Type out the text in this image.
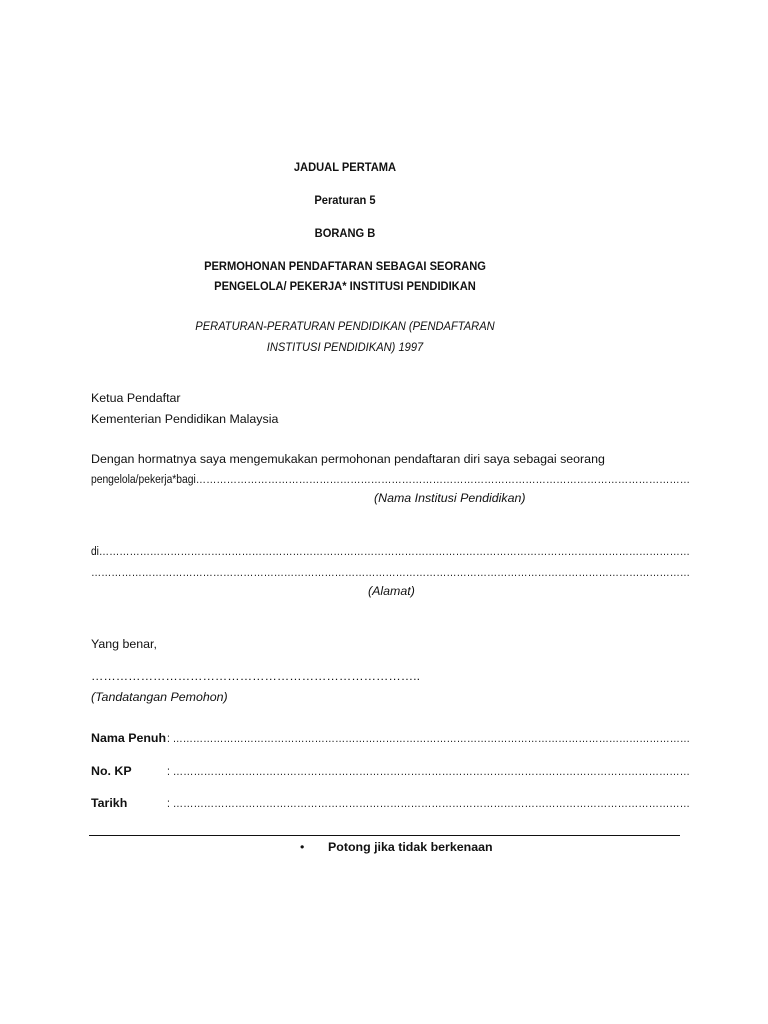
JADUAL PERTAMA
Peraturan 5
BORANG B
PERMOHONAN PENDAFTARAN SEBAGAI SEORANG
PENGELOLA/ PEKERJA* INSTITUSI PENDIDIKAN
PERATURAN-PERATURAN PENDIDIKAN (PENDAFTARAN
INSTITUSI PENDIDIKAN) 1997
Ketua Pendaftar
Kementerian Pendidikan Malaysia
Dengan hormatnya saya mengemukakan permohonan pendaftaran diri saya sebagai seorang
pengelola/pekerja*bagi………………………………………………………………………………………………………………………………
(Nama Institusi Pendidikan)
di…………………………………………………………………………………………………………………………………………………………
……………………………………………………………………………………………………………………………………………………………
(Alamat)
Yang benar,
……………………………………………………………………..
(Tandatangan Pemohon)
Nama Penuh : ………………………………………………………………………………………………………………………………………
No. KP	: ……………………………………………………………………………………………………………………………………
Tarikh	: ……………………………………………………………………………………………………………………………………
• Potong jika tidak berkenaan
